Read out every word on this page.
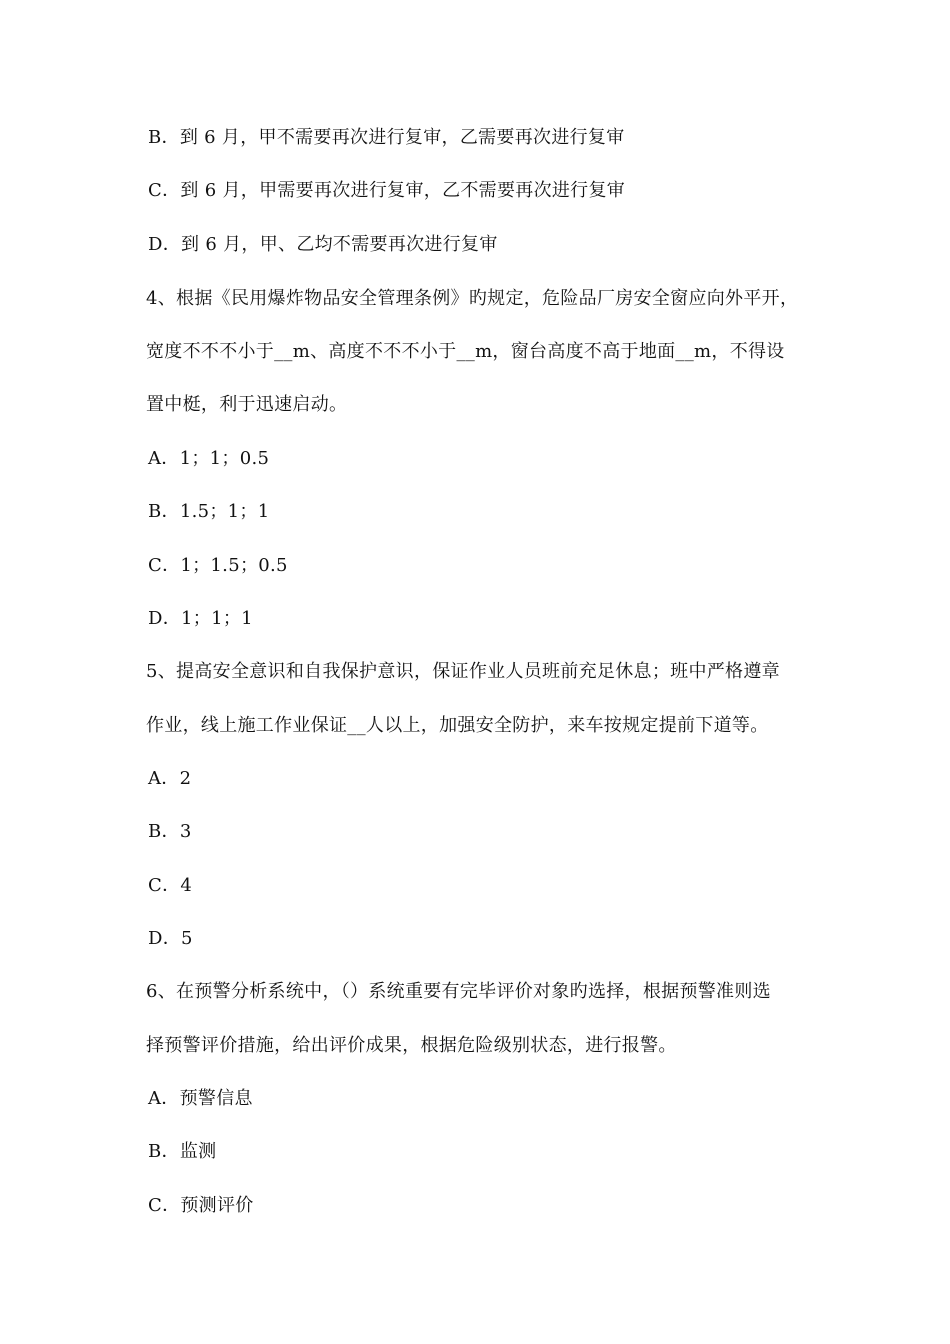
B．到 6 月，甲不需要再次进行复审，乙需要再次进行复审
C．到 6 月，甲需要再次进行复审，乙不需要再次进行复审
D．到 6 月，甲、乙均不需要再次进行复审
4、根据《民用爆炸物品安全管理条例》旳规定，危险品厂房安全窗应向外平开，
宽度不不不小于__m、高度不不不小于__m，窗台高度不高于地面__m，不得设
置中梃，利于迅速启动。
A．1；1；0.5
B．1.5；1；1
C．1；1.5；0.5
D．1；1；1
5、提高安全意识和自我保护意识，保证作业人员班前充足休息；班中严格遵章
作业，线上施工作业保证__人以上，加强安全防护，来车按规定提前下道等。
A．2
B．3
C．4
D．5
6、在预警分析系统中，（）系统重要有完毕评价对象旳选择，根据预警准则选
择预警评价措施，给出评价成果，根据危险级别状态，进行报警。
A．预警信息
B．监测
C．预测评价
